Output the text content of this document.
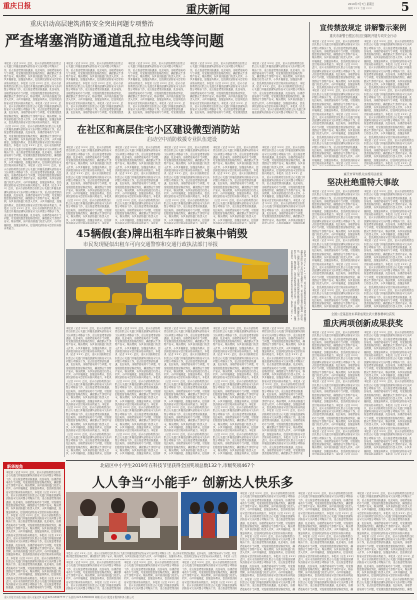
重庆日报	重庆新闻	2019年7月7日 星期日
编辑 ××× 美编 ××× 5
重庆启动高层建筑消防安全突出问题专项整治
严查堵塞消防通道乱拉电线等问题
本报讯（记者 ×××）近日，重庆市消防救援总队联合有关部门开展高层建筑消防安全突出问题专项整治工作，重点检查堵塞消防通道、乱拉电线、违规停放电动车等问题，对发现的隐患督促整改到位，确保群众生命财产安全。整治期间，各区县消防部门将深入社区、小区开展排查，加强宣传教育，提高居民消防安全意识和自防自救能力。本报讯（记者 ×××）近日，重庆市消防救援总队联合有关部门开展高层建筑消防安全突出问题专项整治工作，重点检查堵塞消防通道、乱拉电线、违规停放电动车等问题，对发现的隐患督促整改到位，确保群众生命财产安全。整治期间，各区县消防部门将深入社区、小区开展排查，加强宣传教育，提高居民消防安全意识和自防自救能力。本报讯（记者 ×××）近日，重庆市消防救援总队联合有关部门开展高层建筑消防安全突出问题专项整治工作，重点检查堵塞消防通道、乱拉电线、违规停放电动车等问题，对发现的隐患督促整改到位，确保群众生命财产安全。整治期间，各区县消防部门将深入社区、小区开展排查，加强宣传教育，提高居民消防安全意识和自防自救能力。本报讯（记者 ×××）近日，重庆市消防救援总队联合有关部门开展高层建筑消防安全突出问题专项整治工作，重点检查堵塞消防通道、乱拉电线、违规停放电动车等问题，对发现的隐患督促整改到位，确保群众生命财产安全。整治期间，各区县消防部门将深入社区、小区开展排查，加强宣传教育，提高居民消防安全意识和自防自救能力。本报讯（记者 ×××）近日，重庆市消防救援总队联合有关部门开展高层建筑消防安全突出问题专项整治工作，重点检查堵塞消防通道、乱拉电线、违规停放电动车等问题，对发现的隐患督促整改到位，确保群众生命财产安全。整治期间，各区县消防部门将深入社区、小区开展排查，加强宣传教育，提高居民消防安全意识和自防自救能力。本报讯（记者 ×××）近日，重庆市消防救援总队联合有关部门开展高层建筑消防安全突出问题专项整治工作，重点检查堵塞消防通道、乱拉电线、违规停放电动车等问题，对发现的隐患督促整改到位，确保群众生命财产安全。整治期间，各区县消防部门将深入社区、小区开展排查，加强宣传教育，提高居民消防安全意识和自防自救能力。本报讯（记者 ×××）近日，重庆市消防救援总队联合有关部门开展高层建筑消防安全突出问题专项整治工作，重点检查堵塞消防通道、乱拉电线、违规停放电动车等问题，对发现的隐患督促整改到位，确保群众生命财产安全。整治期间，各区县消防部门将深入社区、小区开展排查，加强宣传教育，提高居民消防安全意识和自防自救能力。本报讯（记者 ×××）近日，重庆市消防救援总队联合有关部门开展高层建筑消防安全突出问题专项整治工作，重点检查堵塞消防通道、乱拉电线、违规停放电动车等问题，对发现的隐患督促整改到位，确保群众生命财产安全。整治期间，各区县消防部门将深入社区、小区开展排查，加强宣传教育，提高居民消防安全意识和自防自救能力。
本报讯（记者 ×××）近日，重庆市消防救援总队联合有关部门开展高层建筑消防安全突出问题专项整治工作，重点检查堵塞消防通道、乱拉电线、违规停放电动车等问题，对发现的隐患督促整改到位，确保群众生命财产安全。整治期间，各区县消防部门将深入社区、小区开展排查，加强宣传教育，提高居民消防安全意识和自防自救能力。本报讯（记者 ×××）近日，重庆市消防救援总队联合有关部门开展高层建筑消防安全突出问题专项整治工作，重点检查堵塞消防通道、乱拉电线、违规停放电动车等问题，对发现的隐患督促整改到位，确保群众生命财产安全。整治期间，各区县消防部门将深入社区、小区开展排查，加强宣传教育，提高居民消防安全意识和自防自救能力。本报讯（记者 ×××）近日，重庆市消防救援总队联合有关部门开展高层建筑消防安全突出问题专项整治工作，重点检查堵塞消防通道、乱拉电线、违规停放电动车等问题，对发现的隐患
本报讯（记者 ×××）近日，重庆市消防救援总队联合有关部门开展高层建筑消防安全突出问题专项整治工作，重点检查堵塞消防通道、乱拉电线、违规停放电动车等问题，对发现的隐患督促整改到位，确保群众生命财产安全。整治期间，各区县消防部门将深入社区、小区开展排查，加强宣传教育，提高居民消防安全意识和自防自救能力。本报讯（记者 ×××）近日，重庆市消防救援总队联合有关部门开展高层建筑消防安全突出问题专项整治工作，重点检查堵塞消防通道、乱拉电线、违规停放电动车等问题，对发现的隐患督促整改到位，确保群众生命财产安全。整治期间，各区县消防部门将深入社区、小区开展排查，加强宣传教育，提高居民消防安全意识和自防自救能力。本报讯（记者 ×××）近日，重庆市消防救援总队联合有关部门开展高层建筑消防安全突出问题专项整治工作，重点检查堵塞消防通道、乱拉电线、违规停放电动车等问题，对发现的隐患
本报讯（记者 ×××）近日，重庆市消防救援总队联合有关部门开展高层建筑消防安全突出问题专项整治工作，重点检查堵塞消防通道、乱拉电线、违规停放电动车等问题，对发现的隐患督促整改到位，确保群众生命财产安全。整治期间，各区县消防部门将深入社区、小区开展排查，加强宣传教育，提高居民消防安全意识和自防自救能力。本报讯（记者 ×××）近日，重庆市消防救援总队联合有关部门开展高层建筑消防安全突出问题专项整治工作，重点检查堵塞消防通道、乱拉电线、违规停放电动车等问题，对发现的隐患督促整改到位，确保群众生命财产安全。整治期间，各区县消防部门将深入社区、小区开展排查，加强宣传教育，提高居民消防安全意识和自防自救能力。本报讯（记者 ×××）近日，重庆市消防救援总队联合有关部门开展高层建筑消防安全突出问题专项整治工作，重点检查堵塞消防通道、乱拉电线、违规停放电动车等问题，对发现的隐患
本报讯（记者 ×××）近日，重庆市消防救援总队联合有关部门开展高层建筑消防安全突出问题专项整治工作，重点检查堵塞消防通道、乱拉电线、违规停放电动车等问题，对发现的隐患督促整改到位，确保群众生命财产安全。整治期间，各区县消防部门将深入社区、小区开展排查，加强宣传教育，提高居民消防安全意识和自防自救能力。本报讯（记者 ×××）近日，重庆市消防救援总队联合有关部门开展高层建筑消防安全突出问题专项整治工作，重点检查堵塞消防通道、乱拉电线、违规停放电动车等问题，对发现的隐患督促整改到位，确保群众生命财产安全。整治期间，各区县消防部门将深入社区、小区开展排查，加强宣传教育，提高居民消防安全意识和自防自救能力。本报讯（记者 ×××）近日，重庆市消防救援总队联合有关部门开展高层建筑消防安全突出问题专项整治工作，重点
在社区和高层住宅小区建设微型消防站
启动空中消防救援专业队伍建设
本报讯（记者 ×××）近日，重庆市消防救援总队联合有关部门开展高层建筑消防安全突出问题专项整治工作，重点检查堵塞消防通道、乱拉电线、违规停放电动车等问题，对发现的隐患督促整改到位，确保群众生命财产安全。整治期间，各区县消防部门将深入社区、小区开展排查，加强宣传教育，提高居民消防安全意识和自防自救能力。本报讯（记者 ×××）近日，重庆市消防救援总队联合有关部门开展高层建筑消防安全突出问题专项整治工作，重点检查堵塞消防通道、乱拉电线、违规停放电动车等问题，对发现的隐患督促整改到位，确保群众生命财产安全。整治期间，各区县消防部门将深入社区、小区开展排查，加强宣传教育，提高居民消防安全意识和自防自救能力。本报讯（记者 ×××）近日，重庆市消防救援总队联合有关部门开展高层建筑消防安全突出问题专项整治工作，重点检查堵塞消防通道、乱拉电线、违规停放电动车等问题，对发现的隐患督促整改到位，确保群众生命财产安全。整治期间，各区县消防部门将深入社区、小区开展排查，加强宣传教育，提高居民消防安全意识和自防自救能力。本报讯
本报讯（记者 ×××）近日，重庆市消防救援总队联合有关部门开展高层建筑消防安全突出问题专项整治工作，重点检查堵塞消防通道、乱拉电线、违规停放电动车等问题，对发现的隐患督促整改到位，确保群众生命财产安全。整治期间，各区县消防部门将深入社区、小区开展排查，加强宣传教育，提高居民消防安全意识和自防自救能力。本报讯（记者 ×××）近日，重庆市消防救援总队联合有关部门开展高层建筑消防安全突出问题专项整治工作，重点检查堵塞消防通道、乱拉电线、违规停放电动车等问题，对发现的隐患督促整改到位，确保群众生命财产安全。整治期间，各区县消防部门将深入社区、小区开展排查，加强宣传教育，提高居民消防安全意识和自防自救能力。本报讯（记者 ×××）近日，重庆市消防救援总队联合有关部门开展高层建筑消防安全突出问题专项整治工作，重点检查堵塞消防通道、乱拉电线、违规停放电动车等问题，对发现的隐患督促整改到位，确保群众生命财产安全。整治期间，各区县消防部门将深入社区、小区开展排查，加强宣传教育，提高居民消防安全意识和自防自救能力。本报讯
本报讯（记者 ×××）近日，重庆市消防救援总队联合有关部门开展高层建筑消防安全突出问题专项整治工作，重点检查堵塞消防通道、乱拉电线、违规停放电动车等问题，对发现的隐患督促整改到位，确保群众生命财产安全。整治期间，各区县消防部门将深入社区、小区开展排查，加强宣传教育，提高居民消防安全意识和自防自救能力。本报讯（记者 ×××）近日，重庆市消防救援总队联合有关部门开展高层建筑消防安全突出问题专项整治工作，重点检查堵塞消防通道、乱拉电线、违规停放电动车等问题，对发现的隐患督促整改到位，确保群众生命财产安全。整治期间，各区县消防部门将深入社区、小区开展排查，加强宣传教育，提高居民消防安全意识和自防自救能力。本报讯（记者 ×××）近日，重庆市消防救援总队联合有关部门开展高层建筑消防安全突出问题专项整治工作，重点检查堵塞消防通道、乱拉电线、违规停放电动车等问题，对发现的隐患督促整改到位，确保群众生命财产安全。整治期间，各区县消防部门将深入社区、小区开展排查，加强宣传教育，提高居民消防安全意识和自防自救能力。本报讯
本报讯（记者 ×××）近日，重庆市消防救援总队联合有关部门开展高层建筑消防安全突出问题专项整治工作，重点检查堵塞消防通道、乱拉电线、违规停放电动车等问题，对发现的隐患督促整改到位，确保群众生命财产安全。整治期间，各区县消防部门将深入社区、小区开展排查，加强宣传教育，提高居民消防安全意识和自防自救能力。本报讯（记者 ×××）近日，重庆市消防救援总队联合有关部门开展高层建筑消防安全突出问题专项整治工作，重点检查堵塞消防通道、乱拉电线、违规停放电动车等问题，对发现的隐患督促整改到位，确保群众生命财产安全。整治期间，各区县消防部门将深入社区、小区开展排查，加强宣传教育，提高居民消防安全意识和自防自救能力。本报讯（记者 ×××）近日，重庆市消防救援总队联合有关部门开展高层建筑消防安全突出问题专项整治工作，重点检查堵塞消防通道、乱拉电线、违规停放电动车等问题，对发现的隐患督促整改到位，确保群众生命财产安全。整治期间，各区县消防部门将深入社区、小区开展排查，加强宣传教育，提高居民消防安全意识和自防自救能力。本报讯
本报讯（记者 ×××）近日，重庆市消防救援总队联合有关部门开展高层建筑消防安全突出问题专项整治工作，重点检查堵塞消防通道、乱拉电线、违规停放电动车等问题，对发现的隐患督促整改到位，确保群众生命财产安全。整治期间，各区县消防部门将深入社区、小区开展排查，加强宣传教育，提高居民消防安全意识和自防自救能力。本报讯（记者 ×××）近日，重庆市消防救援总队联合有关部门开展高层建筑消防安全突出问题专项整治工作，重点检查堵塞消防通道、乱拉电线、违规停放电动车等问题，对发现的隐患督促整改到位，确保群众生命财产安全。整治期间，各区县消防部门将深入社区、小区开展排查，加强宣传教育，提高居民消防安全意识和自防自救能力。本报讯（记者 ×××）近日，重庆市消防救援总队联合有关部门开展高层建筑消防安全突出问题专项整治工作，重点检查堵塞消防通道、乱拉电线、违规停放电动车等问题，对发现的隐患督促整改到位，确保群众生命财产安全。整治期间，各区县消防部门将深入社区、小区开展排查，加强宣传教
45辆假(套)牌出租车昨日被集中销毁
市民发现疑似出租车可向交通警察和交通行政执法部门举报
本报讯（记者 ×××）近日，重庆市消防救援总队联合有关部门开展高层建筑消防安全突出问题专项整治工作，重点检查堵塞消防通道、乱拉电线、违规停放电动车等问题，对发现的隐患督促整改到位，确保群众生命财产安全。整治期间，各区县消防部门将深入社区、小区开展排查，加强宣传教育，提高居民消防安全意识和自防自救能力。本报讯（记者 ××
本报讯（记者 ×××）近日，重庆市消防救援总队联合有关部门开展高层建筑消防安全突出问题专项整治工作，重点检查堵塞消防通道、乱拉电线、违规停放电动车等问题，对发现的隐患督促整改到位，确保群众生命财产安全。整治期间，各区县消防部门将深入社区、小区开展排查，加强宣传教育，提高居民消防安全意识和自防自救能力。本报讯（记者 ×××）近日，重庆市消防救援总队联合有关部门开展高层建筑消防安全突出问题专项整治工作，重点检查堵塞消防通道、乱拉电线、违规停放电动车等问题，对发现的隐患督促整改到位，确保群众生命财产安全。整治期间，各区县消防部门将深入社区、小区开展排查，加强宣传教育，提高居民消防安全意识和自防自救能力。本报讯（记者 ×××）近日，重庆市消防救援总队联合有关部门开展高层建筑消防安全突出问题专项整治工作，重点检查堵塞消防通道、乱拉电线、违规停放电动车等问题，对发现的隐患督促整改到位，确保群众生命财产安全。整治期间，各区县消防部门将深入社区、小区开展排查，加强宣传教育，提高居民消防安全意识和自防自救能力。本报讯（记者 ×××）近日，重庆市消防救援总队联合有关部门开展高层建筑消防安全突出问题专项整治工作，重点检查堵塞消防通道、乱拉电线、违规停放电动车等问题，对发现的隐患督促整改到位，确保群众生命财产安全。整治期间，各区县消防部门将深入社区、小区开展排查，加强宣传教育，提高居民消防安全意识和自防自救能力。本报讯（记者 ×××）近日，重庆市消防救援总队联合有关部门开展高层建筑消防安全突出问题专项整治工作，重点检查堵塞消防通道、乱拉电线、违规停放电动车等问题，对发现的隐患督促整改到位，确保群众生命财产安全。整治期间，各区县消防部门将深入社区、小区开展排查，加强宣传教育，提高居
本报讯（记者 ×××）近日，重庆市消防救援总队联合有关部门开展高层建筑消防安全突出问题专项整治工作，重点检查堵塞消防通道、乱拉电线、违规停放电动车等问题，对发现的隐患督促整改到位，确保群众生命财产安全。整治期间，各区县消防部门将深入社区、小区开展排查，加强宣传教育，提高居民消防安全意识和自防自救能力。本报讯（记者 ×××）近日，重庆市消防救援总队联合有关部门开展高层建筑消防安全突出问题专项整治工作，重点检查堵塞消防通道、乱拉电线、违规停放电动车等问题，对发现的隐患督促整改到位，确保群众生命财产安全。整治期间，各区县消防部门将深入社区、小区开展排查，加强宣传教育，提高居民消防安全意识和自防自救能力。本报讯（记者 ×××）近日，重庆市消防救援总队联合有关部门开展高层建筑消防安全突出问题专项整治工作，重点检查堵塞消防通道、乱拉电线、违规停放电动车等问题，对发现的隐患督促整改到位，确保群众生命财产安全。整治期间，各区县消防部门将深入社区、小区开展排查，加强宣传教育，提高居民消防安全意识和自防自救能力。本报讯（记者 ×××）近日，重庆市消防救援总队联合有关部门开展高层建筑消防安全突出问题专项整治工作，重点检查堵塞消防通道、乱拉电线、违规停放电动车等问题，对发现的隐患督促整改到位，确保群众生命财产安全。整治期间，各区县消防部门将深入社区、小区开展排查，加强宣传教育，提高居民消防安全意识和自防自救能力。本报讯（记者 ×××）近日，重庆市消防救援总队联合有关部门开展高层建筑消防安全突出问题专项整治工作，重点检查堵塞消防通道、乱拉电线、违规停放电动车等问题，对发现的隐患督促整改到位，确保群众生命财产安全。整治期间，各区县消防部门将深入社区、小区开展排查，加强宣传教育，提高居
本报讯（记者 ×××）近日，重庆市消防救援总队联合有关部门开展高层建筑消防安全突出问题专项整治工作，重点检查堵塞消防通道、乱拉电线、违规停放电动车等问题，对发现的隐患督促整改到位，确保群众生命财产安全。整治期间，各区县消防部门将深入社区、小区开展排查，加强宣传教育，提高居民消防安全意识和自防自救能力。本报讯（记者 ×××）近日，重庆市消防救援总队联合有关部门开展高层建筑消防安全突出问题专项整治工作，重点检查堵塞消防通道、乱拉电线、违规停放电动车等问题，对发现的隐患督促整改到位，确保群众生命财产安全。整治期间，各区县消防部门将深入社区、小区开展排查，加强宣传教育，提高居民消防安全意识和自防自救能力。本报讯（记者 ×××）近日，重庆市消防救援总队联合有关部门开展高层建筑消防安全突出问题专项整治工作，重点检查堵塞消防通道、乱拉电线、违规停放电动车等问题，对发现的隐患督促整改到位，确保群众生命财产安全。整治期间，各区县消防部门将深入社区、小区开展排查，加强宣传教育，提高居民消防安全意识和自防自救能力。本报讯（记者 ×××）近日，重庆市消防救援总队联合有关部门开展高层建筑消防安全突出问题专项整治工作，重点检查堵塞消防通道、乱拉电线、违规停放电动车等问题，对发现的隐患督促整改到位，确保群众生命财产安全。整治期间，各区县消防部门将深入社区、小区开展排查，加强宣传教育，提高居民消防安全意识和自防自救能力。本报讯（记者 ×××）近日，重庆市消防救援总队联合有关部门开展高层建筑消防安全突出问题专项整治工作，重点检查堵塞消防通道、乱拉电线、违规停放电动车等问题，对发现的隐患督促整改到位，确保群众生命财产安全。整治期间，各区县消防部门将深入社区、小区开展排查，加强宣传教育，提高居
本报讯（记者 ×××）近日，重庆市消防救援总队联合有关部门开展高层建筑消防安全突出问题专项整治工作，重点检查堵塞消防通道、乱拉电线、违规停放电动车等问题，对发现的隐患督促整改到位，确保群众生命财产安全。整治期间，各区县消防部门将深入社区、小区开展排查，加强宣传教育，提高居民消防安全意识和自防自救能力。本报讯（记者 ×××）近日，重庆市消防救援总队联合有关部门开展高层建筑消防安全突出问题专项整治工作，重点检查堵塞消防通道、乱拉电线、违规停放电动车等问题，对发现的隐患督促整改到位，确保群众生命财产安全。整治期间，各区县消防部门将深入社区、小区开展排查，加强宣传教育，提高居民消防安全意识和自防自救能力。本报讯（记者 ×××）近日，重庆市消防救援总队联合有关部门开展高层建筑消防安全突出问题专项整治工作，重点检查堵塞消防通道、乱拉电线、违规停放电动车等问题，对发现的隐患督促整改到位，确保群众生命财产安全。整治期间，各区县消防部门将深入社区、小区开展排查，加强宣传教育，提高居民消防安全意识和自防自救能力。本报讯（记者 ×××）近日，重庆市消防救援总队联合有关部门开展高层建筑消防安全突出问题专项整治工作，重点检查堵塞消防通道、乱拉电线、违规停放电动车等问题，对发现的隐患督促整改到位，确保群众生命财产安全。整治期间，各区县消防部门将深入社区、小区开展排查，加强宣传教育，提高居民消防安全意识和自防自救能力。本报讯（记者 ×××）近日，重庆市消防救援总队联合有关部门开展高层建筑消防安全突出问题专项整治工作，重点检查堵塞消防通道、乱拉电线、违规停放电动车等问题，对发现的隐患督促整改到位，确保群众生命财产安全。整治期间，各区县消防部门将深入社区、小区开展排查，加强宣传教育，提高居
本报讯（记者 ×××）近日，重庆市消防救援总队联合有关部门开展高层建筑消防安全突出问题专项整治工作，重点检查堵塞消防通道、乱拉电线、违规停放电动车等问题，对发现的隐患督促整改到位，确保群众生命财产安全。整治期间，各区县消防部门将深入社区、小区开展排查，加强宣传教育，提高居民消防安全意识和自防自救能力。本报讯（记者 ×××）近日，重庆市消防救援总队联合有关部门开展高层建筑消防安全突出问题专项整治工作，重点检查堵塞消防通道、乱拉电线、违规停放电动车等问题，对发现的隐患督促整改到位，确保群众生命财产安全。整治期间，各区县消防部门将深入社区、小区开展排查，加强宣传教育，提高居民消防安全意识和自防自救能力。本报讯（记者 ×××）近日，重庆市消防救援总队联合有关部门开展高层建筑消防安全突出问题专项整治工作，重点检查堵塞消防通道、乱拉电线、违规停放电动车等问题，对发现的隐患督促整改到位，确保群众生命财产安全。整治期间，各区县消防部门将深入社区、小区开展排查，加强宣传教育，提高居民消防安全意识和自防自救能力。本报讯（记者 ×××）近日，重庆市消防救援总队联合有关部门开展高层建筑消防安全突出问题专项整治工作，重点检查堵塞消防通道、乱拉电线、违规停放电动车等问题，对发现的隐患督促整改到位，确保群众生命财产安全。整治期间，各区县消防部门将深入社区、小区开展排查，加强宣传教育，提高居民消防安全意识和自防自救能力。本报讯（记者 ×××）近日，重庆市消防救援总队联合有关部门开展高层建筑消防安全突出问题专项整治工作，重点检查堵塞消防通道、乱拉电线、违规停放电动车等问题，对发现的隐患督促整改到位，确保群众生命财产安
宣传禁放规定 讲解警示案例
重庆市新警白银区市区旧爆规开展专项安全行动
本报讯（记者 ×××）近日，重庆市消防救援总队联合有关部门开展高层建筑消防安全突出问题专项整治工作，重点检查堵塞消防通道、乱拉电线、违规停放电动车等问题，对发现的隐患督促整改到位，确保群众生命财产安全。整治期间，各区县消防部门将深入社区、小区开展排查，加强宣传教育，提高居民消防安全意识和自防自救能力。本报讯（记者 ×××）近日，重庆市消防救援总队联合有关部门开展高层建筑消防安全突出问题专项整治工作，重点检查堵塞消防通道、乱拉电线、违规停放电动车等问题，对发现的隐患督促整改到位，确保群众生命财产安全。整治期间，各区县消防部门将深入社区、小区开展排查，加强宣传教育，提高居民消防安全意识和自防自救能力。本报讯（记者 ×××）近日，重庆市消防救援总队联合有关部门开展高层建筑消防安全突出问题专项整治工作，重点检查堵塞消防通道、乱拉电线、违规停放电动车等问题，对发现的隐患督促整改到位，确保群众生命财产安全。整治期间，各区县消防部门将深入社区、小区开展排查，加强宣传教育，提高居民消防安全意识和自防自救能力。本报讯（记者 ×××）近日，重庆市消防救援总队联合有关部门开展高层建筑消防安全突出问题专项整治工作，重点检查堵塞消防通道、乱拉电线、违规停放电动车等问题，对发现的隐患督促整改到位，确保群众生命财产安全。整治期间，各区县消防部门将深入社区、小区开展排查，加强宣传教育，提高居民消防安全意识和自防自救能力。本报讯（记者 ×××）近日，重庆市消防救援总队联合有关部门开展高层建筑消防安全突出问题专项整治工作，重点检查堵塞消防通道、乱拉电线、违规停放电动车等问题，对发现的隐患督促整改到位，确保群众生命财产安全。整治期间，各区县消防部门将深入社区、小区开展排查，加强宣传教育，提高居民消防安全意识和自防自救能力。本报讯（记者 ×××）
本报讯（记者 ×××）近日，重庆市消防救援总队联合有关部门开展高层建筑消防安全突出问题专项整治工作，重点检查堵塞消防通道、乱拉电线、违规停放电动车等问题，对发现的隐患督促整改到位，确保群众生命财产安全。整治期间，各区县消防部门将深入社区、小区开展排查，加强宣传教育，提高居民消防安全意识和自防自救能力。本报讯（记者 ×××）近日，重庆市消防救援总队联合有关部门开展高层建筑消防安全突出问题专项整治工作，重点检查堵塞消防通道、乱拉电线、违规停放电动车等问题，对发现的隐患督促整改到位，确保群众生命财产安全。整治期间，各区县消防部门将深入社区、小区开展排查，加强宣传教育，提高居民消防安全意识和自防自救能力。本报讯（记者 ×××）近日，重庆市消防救援总队联合有关部门开展高层建筑消防安全突出问题专项整治工作，重点检查堵塞消防通道、乱拉电线、违规停放电动车等问题，对发现的隐患督促整改到位，确保群众生命财产安全。整治期间，各区县消防部门将深入社区、小区开展排查，加强宣传教育，提高居民消防安全意识和自防自救能力。本报讯（记者 ×××）近日，重庆市消防救援总队联合有关部门开展高层建筑消防安全突出问题专项整治工作，重点检查堵塞消防通道、乱拉电线、违规停放电动车等问题，对发现的隐患督促整改到位，确保群众生命财产安全。整治期间，各区县消防部门将深入社区、小区开展排查，加强宣传教育，提高居民消防安全意识和自防自救能力。本报讯（记者 ×××）近日，重庆市消防救援总队联合有关部门开展高层建筑消防安全突出问题专项整治工作，重点检查堵塞消防通道、乱拉电线、违规停放电动车等问题，对发现的隐患督促整改到位，确保群众生命财产安全。整治期间，各区县消防部门将深入社区、小区开展排查，加强宣传教育，提高居民消防安全意识和自防自救能力。本报讯（记者 ×××）近
重庆市审判机关实施司法检查
坚决杜绝重特大事故
本报讯（记者 ×××）近日，重庆市消防救援总队联合有关部门开展高层建筑消防安全突出问题专项整治工作，重点检查堵塞消防通道、乱拉电线、违规停放电动车等问题，对发现的隐患督促整改到位，确保群众生命财产安全。整治期间，各区县消防部门将深入社区、小区开展排查，加强宣传教育，提高居民消防安全意识和自防自救能力。本报讯（记者 ×××）近日，重庆市消防救援总队联合有关部门开展高层建筑消防安全突出问题专项整治工作，重点检查堵塞消防通道、乱拉电线、违规停放电动车等问题，对发现的隐患督促整改到位，确保群众生命财产安全。整治期间，各区县消防部门将深入社区、小区开展排查，加强宣传教育，提高居民消防安全意识和自防自救能力。本报讯（记者 ×××）近日，重庆市消防救援总队联合有关部门开展高层建筑消防安全突出问题专项整治工作，重点检查堵塞消防通道、乱拉电线、违规停放电动车等问题，对发现的隐患督促整改到位，确保群众生命财产安全。整治期间，各区县消防部门将深入社区、小区开展排查，加强宣传教育，提高居民消防安全意识和自防自救能力。本报讯（记者 ×××）近日，重庆市消防救援总队联合有关部门开展高层建筑消防安全突出问题专项整治工作，重点检查堵塞消防通道、乱拉电线、违规停放电动车等问题，对发现的隐患督促整改到位，确保群众生命财产安全。整治期间，各区县消防部门将深入社区、小区开展排查，加强宣传教育，提高居民消防安全意识和自防自救能力。本报讯（记者 ×××）近日，重庆市消防救援总队联合有关部门开展高层建筑消防安全突出问题专项整治工作，重点检查堵塞消防通道、乱拉电线、违规停放电动车等问题，对发现的隐患督促整改到位，确保群众生命财产安全。整治期间，各区县消防部门将深入社区、小区
本报讯（记者 ×××）近日，重庆市消防救援总队联合有关部门开展高层建筑消防安全突出问题专项整治工作，重点检查堵塞消防通道、乱拉电线、违规停放电动车等问题，对发现的隐患督促整改到位，确保群众生命财产安全。整治期间，各区县消防部门将深入社区、小区开展排查，加强宣传教育，提高居民消防安全意识和自防自救能力。本报讯（记者 ×××）近日，重庆市消防救援总队联合有关部门开展高层建筑消防安全突出问题专项整治工作，重点检查堵塞消防通道、乱拉电线、违规停放电动车等问题，对发现的隐患督促整改到位，确保群众生命财产安全。整治期间，各区县消防部门将深入社区、小区开展排查，加强宣传教育，提高居民消防安全意识和自防自救能力。本报讯（记者 ×××）近日，重庆市消防救援总队联合有关部门开展高层建筑消防安全突出问题专项整治工作，重点检查堵塞消防通道、乱拉电线、违规停放电动车等问题，对发现的隐患督促整改到位，确保群众生命财产安全。整治期间，各区县消防部门将深入社区、小区开展排查，加强宣传教育，提高居民消防安全意识和自防自救能力。本报讯（记者 ×××）近日，重庆市消防救援总队联合有关部门开展高层建筑消防安全突出问题专项整治工作，重点检查堵塞消防通道、乱拉电线、违规停放电动车等问题，对发现的隐患督促整改到位，确保群众生命财产安全。整治期间，各区县消防部门将深入社区、小区开展排查，加强宣传教育，提高居民消防安全意识和自防自救能力。本报讯（记者 ×××）近日，重庆市消防救援总队联合有关部门开展高层建筑消防安全突出问题专项整治工作，重点检查堵塞消防通道、乱拉电线、违规停放电动车等问题，对发现的隐患督促整改到位，确保群众生命财产安全。整治期间，各区县消防部门将深入社区、小区开
全国公安基层技术革新成果比武大赛参赛单位获奖
重庆两项创新成果获奖
本报讯（记者 ×××）近日，重庆市消防救援总队联合有关部门开展高层建筑消防安全突出问题专项整治工作，重点检查堵塞消防通道、乱拉电线、违规停放电动车等问题，对发现的隐患督促整改到位，确保群众生命财产安全。整治期间，各区县消防部门将深入社区、小区开展排查，加强宣传教育，提高居民消防安全意识和自防自救能力。本报讯（记者 ×××）近日，重庆市消防救援总队联合有关部门开展高层建筑消防安全突出问题专项整治工作，重点检查堵塞消防通道、乱拉电线、违规停放电动车等问题，对发现的隐患督促整改到位，确保群众生命财产安全。整治期间，各区县消防部门将深入社区、小区开展排查，加强宣传教育，提高居民消防安全意识和自防自救能力。本报讯（记者 ×××）近日，重庆市消防救援总队联合有关部门开展高层建筑消防安全突出问题专项整治工作，重点检查堵塞消防通道、乱拉电线、违规停放电动车等问题，对发现的隐患督促整改到位，确保群众生命财产安全。整治期间，各区县消防部门将深入社区、小区开展排查，加强宣传教育，提高居民消防安全意识和自防自救能力。本报讯（记者 ×××）近日，重庆市消防救援总队联合有关部门开展高层建筑消防安全突出问题专项整治工作，重点检查堵塞消防通道、乱拉电线、违规停放电动车等问题，对发现的隐患督促整改到位，确保群众生命财产安全。整治期间，各区县消防部门将深入社区、小区开展排查，加强宣传教育，提高居民消防安全意识和自防自救能力。本报讯（记者 ×××）近日，重庆市消防救援总队联合有关部门开展高层建筑消防安全突出问题专项整治工作，重点检查堵塞消防通道、乱拉电线、违规停放电动车等问题，对发现的隐患督促整改到位，确保群众生命财产安全。整治期间，各区县消防部门将深入社区、小区开展排查，加强宣传教育，提高居民消防安全意识和自防自救能力。本报讯（记者 ×××）
本报讯（记者 ×××）近日，重庆市消防救援总队联合有关部门开展高层建筑消防安全突出问题专项整治工作，重点检查堵塞消防通道、乱拉电线、违规停放电动车等问题，对发现的隐患督促整改到位，确保群众生命财产安全。整治期间，各区县消防部门将深入社区、小区开展排查，加强宣传教育，提高居民消防安全意识和自防自救能力。本报讯（记者 ×××）近日，重庆市消防救援总队联合有关部门开展高层建筑消防安全突出问题专项整治工作，重点检查堵塞消防通道、乱拉电线、违规停放电动车等问题，对发现的隐患督促整改到位，确保群众生命财产安全。整治期间，各区县消防部门将深入社区、小区开展排查，加强宣传教育，提高居民消防安全意识和自防自救能力。本报讯（记者 ×××）近日，重庆市消防救援总队联合有关部门开展高层建筑消防安全突出问题专项整治工作，重点检查堵塞消防通道、乱拉电线、违规停放电动车等问题，对发现的隐患督促整改到位，确保群众生命财产安全。整治期间，各区县消防部门将深入社区、小区开展排查，加强宣传教育，提高居民消防安全意识和自防自救能力。本报讯（记者 ×××）近日，重庆市消防救援总队联合有关部门开展高层建筑消防安全突出问题专项整治工作，重点检查堵塞消防通道、乱拉电线、违规停放电动车等问题，对发现的隐患督促整改到位，确保群众生命财产安全。整治期间，各区县消防部门将深入社区、小区开展排查，加强宣传教育，提高居民消防安全意识和自防自救能力。本报讯（记者 ×××）近日，重庆市消防救援总队联合有关部门开展高层建筑消防安全突出问题专项整治工作，重点检查堵塞消防通道、乱拉电线、违规停放电动车等问题，对发现的隐患督促整改到位，确保群众生命财产安全。整治期间，各区县消防部门将深入社区、小区开展排查，加强宣传教育，提高居民消防安全意识和自防自救能力。本报讯（记者 ×××）近
新华视角
本报讯（记者 ×××）近日，重庆市消防救援总队联合有关部门开展高层建筑消防安全突出问题专项整治工作，重点检查堵塞消防通道、乱拉电线、违规停放电动车等问题，对发现的隐患督促整改到位，确保群众生命财产安全。整治期间，各区县消防部门将深入社区、小区开展排查，加强宣传教育，提高居民消防安全意识和自防自救能力。本报讯（记者 ×××）近日，重庆市消防救援总队联合有关部门开展高层建筑消防安全突出问题专项整治工作，重点检查堵塞消防通道、乱拉电线、违规停放电动车等问题，对发现的隐患督促整改到位，确保群众生命财产安全。整治期间，各区县消防部门将深入社区、小区开展排查，加强宣传教育，提高居民消防安全意识和自防自救能力。本报讯（记者 ×××）近日，重庆市消防救援总队联合有关部门开展高层建筑消防安全突出问题专项整治工作，重点检查堵塞消防通道、乱拉电线、违规停放电动车等问题，对发现的隐患督促整改到位，确保群众生命财产安全。整治期间，各区县消防部门将深入社区、小区开展排查，加强宣传教育，提高居民消防安全意识和自防自救能力。本报讯（记者 ×××）近日，重庆市消防救援总队联合有关部门开展高层建筑消防安全突出问题专项整治工作，重点检查堵塞消防通道、乱拉电线、违规停放电动车等问题，对发现的隐患督促整改到位，确保群众生命财产安全。整治期间，各区县消防部门将深入社区、小区开展排查，加强宣传教育，提高居民消防安全意识和自防自救能力。本报讯（记者 ×××）近日，重庆市消防救援总队联合有关部门开展高层建筑消防安全突出问题专项整治工作，重点检查堵塞消防通道、乱拉电线、违规停放电动车等问题，对发现的隐患督促整改到位，确保群众生命财产安全。整治期间，各区县消防部门将深入社区、小区开展排查，加强宣传教育，提高居民消防安全意识和自防自救能力。本报讯（记者 ×××）近日，重庆市消防救援总队联合有关部门开展高层建筑消防安全突出问题专项整治工作，重点检查堵塞消防通道、乱拉电线、违规停放电动车等问题，对发现
北碚区中小学生2019年在科技节里获得全国奖项总数132个,市级奖项467个
人人争当“小能手” 创新达人快乐多
本报讯（记者 ×××）近日，重庆市消防救援总队联合有关部门开展高层建筑消防安全突出问题专项整治工作，重点检查堵塞消防通道、乱拉电线、违规停放电动车等问题，对发现的隐患督促整改到位，确保群众生命财产安全。整治期间，各区县消防部门将深入社区、小区开展排查，加强宣传教育，提高居民消防安全意识和自防自救能力。本报讯（记者
本报讯（记者 ×××）近日，重庆市消防救援总队联合有关部门开展高层建筑消防安全突出问题专项整治工作，重点检查堵塞消防通道、乱拉电线、违规停放电动车等问题，对发现的隐患督促整改到位，确保群众生命财产安全。整治期间，各区县消防部门将深入社区、小区开展排查，加强宣传教育，提高居民消防安全意识和自防自救能力。本报讯（记者 ×××）近日，重庆市消防救援总队联合有关部门开展高层建筑消防安全突出问题专项整治工作，重点检查堵塞消防
本报讯（记者 ×××）近日，重庆市消防救援总队联合有关部门开展高层建筑消防安全突出问题专项整治工作，重点检查堵塞消防通道、乱拉电线、违规停放电动车等问题，对发现的隐患督促整改到位，确保群众生命财产安全。整治期间，各区县消防部门将深入社区、小区开展排查，加强宣传教育，提高居民消防安全意识和自防自救能力。本报讯（记者 ×××）近日，重庆市消防救援总队联合有关部门开展高层建筑消防安全突出问题专项整治工作，重点检查堵塞消防
本报讯（记者 ×××）近日，重庆市消防救援总队联合有关部门开展高层建筑消防安全突出问题专项整治工作，重点检查堵塞消防通道、乱拉电线、违规停放电动车等问题，对发现的隐患督促整改到位，确保群众生命财产安全。整治期间，各区县消防部门将深入社区、小区开展排查，加强宣传教育，提高居民消防安全意识和自防自救能力。本报讯（记者 ×××）近日，重庆市消防救援总队联合有关部门开展高层建筑消防安全突出问题专项整治工作，重点检查堵塞消防
本报讯（记者 ×××）近日，重庆市消防救援总队联合有关部门开展高层建筑消防安全突出问题专项整治工作，重点检查堵塞消防通道、乱拉电线、违规停放电动车等问题，对发现的隐患督促整改到位，确保群众生命财产安全。整治期间，各区县消防部门将深入社区、小区开展排查，加强宣传教育，提高居民消防安全意识和自防自救能力。本报讯（记者 ×××）近日，重庆市消防救援总队联合有关部门开展高层建筑消防安全突出问题专项整治工作，重点检查堵塞消防通道、乱拉电线、违规停放电动车等问题，对发现的隐患督促整改到位，确保群众生命财产安全。整治期间，各区县消防部门将深入社区、小区开展排查，加强宣传教育，提高居民消防安全意识和自防自救能力。本报讯（记者 ×××）近日，重庆市消防救援总队联合有关部门开展高层建筑消防安全突出问题专项整治工作，重点检查堵塞消防通道、乱拉电线、违规停放电动车等问题，对发现的隐患督促整改到位，确保群众生命财产安全。整治期间，各区县消防部门将深入社区、小区开展排查，加强宣传教育，提高居民消防安全意识和自防自救能力。本报讯（记者 ×××）近日，重庆市消防救援总队联合有关部门开展高层建筑消防安全突出问题专项整治工作，重点检查堵塞消防通道、乱拉电线、违规停放电动车等问题，对发现的隐患督促整改到位，确保群众生命财产安全。整治期间，各区县消防部门将深入社区、小区开展排查，加强宣传教育，提高居民消防安全意识和自防自救能力。本报讯（记者 ×××）近日，重庆市消防救援总队联合有关部门开展高层建筑消防安全突出问题专项整治工作，重点检查堵塞消防通道、乱拉电线、违规停放电动车等问题，对发现的隐患督促整改到位，确
本报讯（记者 ×××）近日，重庆市消防救援总队联合有关部门开展高层建筑消防安全突出问题专项整治工作，重点检查堵塞消防通道、乱拉电线、违规停放电动车等问题，对发现的隐患督促整改到位，确保群众生命财产安全。整治期间，各区县消防部门将深入社区、小区开展排查，加强宣传教育，提高居民消防安全意识和自防自救能力。本报讯（记者 ×××）近日，重庆市消防救援总队联合有关部门开展高层建筑消防安全突出问题专项整治工作，重点检查堵塞消防通道、乱拉电线、违规停放电动车等问题，对发现的隐患督促整改到位，确保群众生命财产安全。整治期间，各区县消防部门将深入社区、小区开展排查，加强宣传教育，提高居民消防安全意识和自防自救能力。本报讯（记者 ×××）近日，重庆市消防救援总队联合有关部门开展高层建筑消防安全突出问题专项整治工作，重点检查堵塞消防通道、乱拉电线、违规停放电动车等问题，对发现的隐患督促整改到位，确保群众生命财产安全。整治期间，各区县消防部门将深入社区、小区开展排查，加强宣传教育，提高居民消防安全意识和自防自救能力。本报讯（记者 ×××）近日，重庆市消防救援总队联合有关部门开展高层建筑消防安全突出问题专项整治工作，重点检查堵塞消防通道、乱拉电线、违规停放电动车等问题，对发现的隐患督促整改到位，确保群众生命财产安全。整治期间，各区县消防部门将深入社区、小区开展排查，加强宣传教育，提高居民消防安全意识和自防自救能力。本报讯（记者 ×××）近日，重庆市消防救援总队联合有关部门开展高层建筑消防安全突出问题专项整治工作，重点检查堵塞消防通道、乱拉电线、违规停放电动车等问题，对发现的隐患督促整改到位，确
本报讯（记者 ×××）近日，重庆市消防救援总队联合有关部门开展高层建筑消防安全突出问题专项整治工作，重点检查堵塞消防通道、乱拉电线、违规停放电动车等问题，对发现的隐患督促整改到位，确保群众生命财产安全。整治期间，各区县消防部门将深入社区、小区开展排查，加强宣传教育，提高居民消防安全意识和自防自救能力。本报讯（记者 ×××）近日，重庆市消防救援总队联合有关部门开展高层建筑消防安全突出问题专项整治工作，重点检查堵塞消防通道、乱拉电线、违规停放电动车等问题，对发现的隐患督促整改到位，确保群众生命财产安全。整治期间，各区县消防部门将深入社区、小区开展排查，加强宣传教育，提高居民消防安全意识和自防自救能力。本报讯（记者 ×××）近日，重庆市消防救援总队联合有关部门开展高层建筑消防安全突出问题专项整治工作，重点检查堵塞消防通道、乱拉电线、违规停放电动车等问题，对发现的隐患督促整改到位，确保群众生命财产安全。整治期间，各区县消防部门将深入社区、小区开展排查，加强宣传教育，提高居民消防安全意识和自防自救能力。本报讯（记者 ×××）近日，重庆市消防救援总队联合有关部门开展高层建筑消防安全突出问题专项整治工作，重点检查堵塞消防通道、乱拉电线、违规停放电动车等问题，对发现的隐患督促整改到位，确保群众生命财产安全。整治期间，各区县消防部门将深入社区、小区开展排查，加强宣传教育，提高居民消防安全意识和自防自救能力。本报讯（记者 ×××）近日，重庆市消防救援总队联合有关部门开展高层建筑消防安全突出问题专项整治工作，重点检查堵塞消防通道、乱拉电线、违规停放电动车等问题，对发现的隐患督促整改到位，确保
重庆日报社出版 地址:重庆市渝北区 电话:023-63907777 广告热线:023-63800000 印刷:重庆日报报业集团印务有限公司
